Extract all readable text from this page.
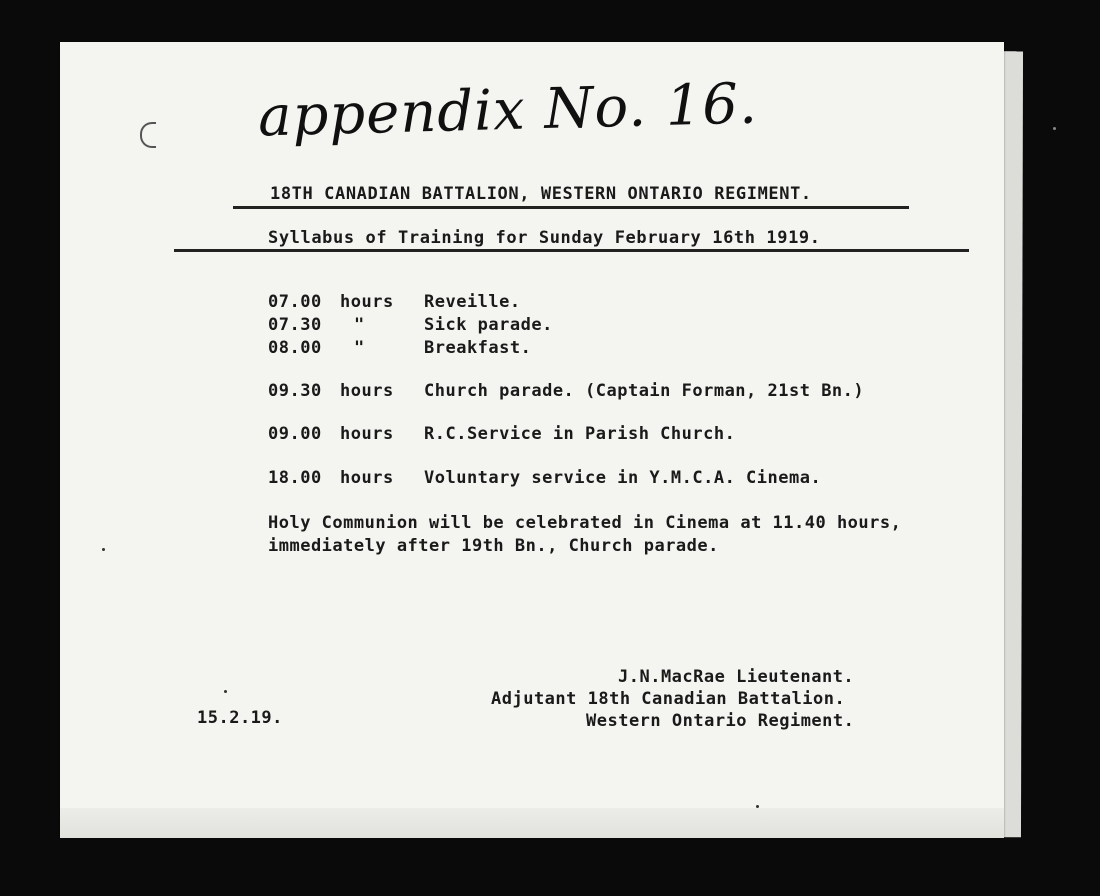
appendix No. 16.
18TH CANADIAN BATTALION, WESTERN ONTARIO REGIMENT.
Syllabus of Training for Sunday February 16th 1919.
07.00 hours Reveille.
07.30 "	Sick parade.
08.00 "	Breakfast.
09.30 hours Church parade. (Captain Forman, 21st Bn.)
09.00 hours R.C.Service in Parish Church.
18.00 hours Voluntary service in Y.M.C.A. Cinema.
Holy Communion will be celebrated in Cinema at 11.40 hours,
immediately after 19th Bn., Church parade.
J.N.MacRae Lieutenant.
Adjutant 18th Canadian Battalion.
Western Ontario Regiment.
15.2.19.
